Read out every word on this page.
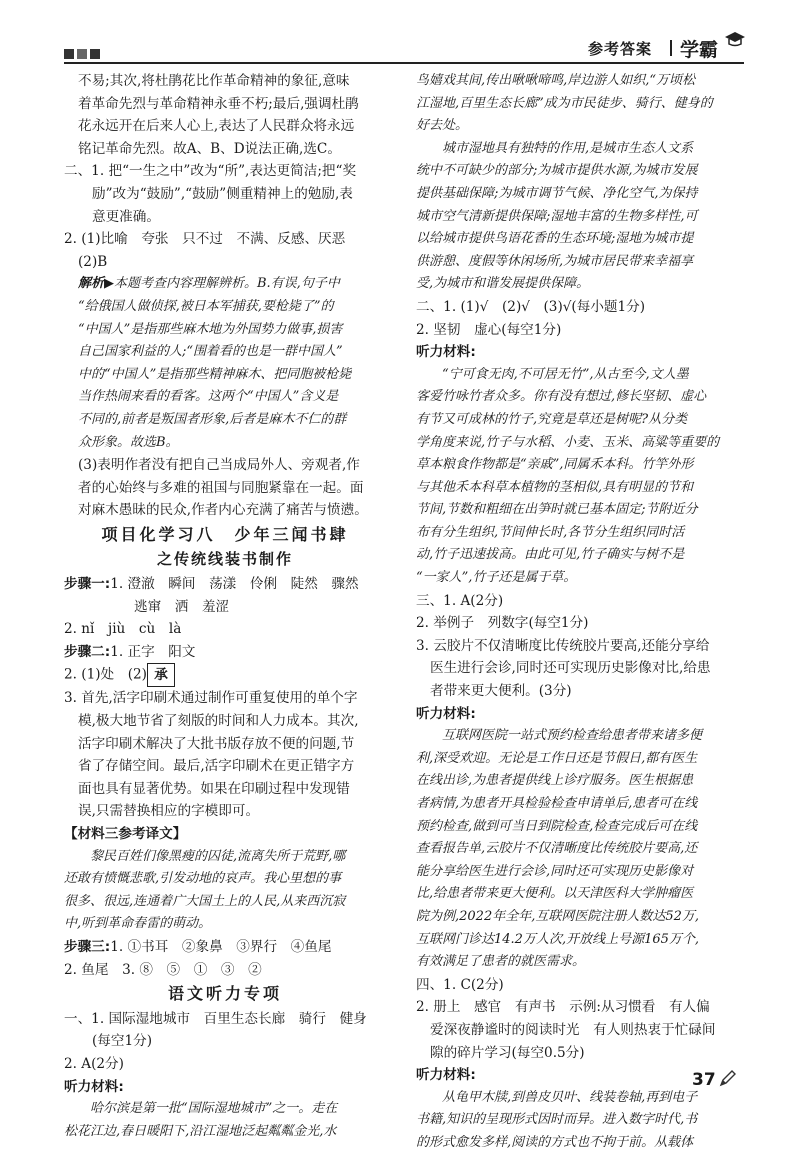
参考答案 学霸

不易;其次,将杜鹃花比作革命精神的象征,意味

着革命先烈与革命精神永垂不朽;最后,强调杜鹃

花永远开在后来人心上,表达了人民群众将永远

铭记革命先烈。故A、B、D说法正确,选C。

二、1. 把“一生之中”改为“所”,表达更简洁;把“奖

励”改为“鼓励”,“鼓励”侧重精神上的勉励,表

意更准确。

2. (1)比喻　夸张　只不过　不满、反感、厌恶

(2)B

解析▶本题考查内容理解辨析。B.有误,句子中

“给俄国人做侦探,被日本军捕获,要枪毙了”的

“中国人”是指那些麻木地为外国势力做事,损害

自己国家利益的人;“围着看的也是一群中国人”

中的“中国人”是指那些精神麻木、把同胞被枪毙

当作热闹来看的看客。这两个“中国人”含义是

不同的,前者是叛国者形象,后者是麻木不仁的群

众形象。故选B。

(3)表明作者没有把自己当成局外人、旁观者,作

者的心始终与多难的祖国与同胞紧靠在一起。面

对麻木愚昧的民众,作者内心充满了痛苦与愤懑。

项目化学习八　少年三闻书肆
之传统线装书制作

步骤一:1. 澄澈　瞬间　荡漾　伶俐　陡然　骤然

逃窜　洒　羞涩

2. nǐ　jiù　cù　là

步骤二:1. 正字　阳文

2. (1)处　(2) 承

3. 首先,活字印刷术通过制作可重复使用的单个字

模,极大地节省了刻版的时间和人力成本。其次,

活字印刷术解决了大批书版存放不便的问题,节

省了存储空间。最后,活字印刷术在更正错字方

面也具有显著优势。如果在印刷过程中发现错

误,只需替换相应的字模即可。

【材料三参考译文】

黎民百姓们像黑瘦的囚徒,流离失所于荒野,哪

还敢有愤慨悲歌,引发动地的哀声。我心里想的事

很多、很远,连通着广大国土上的人民,从来西沉寂

中,听到革命春雷的萌动。

步骤三:1. ①书耳　②象鼻　③界行　④鱼尾

2. 鱼尾　3. ⑧　⑤　①　③　②

语文听力专项

一、1. 国际湿地城市　百里生态长廊　骑行　健身

(每空1分)

2. A(2分)

听力材料:

哈尔滨是第一批“国际湿地城市”之一。走在

松花江边,春日暖阳下,沿江湿地泛起粼粼金光,水

鸟嬉戏其间,传出啾啾啼鸣,岸边游人如织,“万顷松

江湿地,百里生态长廊”成为市民徒步、骑行、健身的

好去处。

城市湿地具有独特的作用,是城市生态人文系

统中不可缺少的部分;为城市提供水源,为城市发展

提供基础保障;为城市调节气候、净化空气,为保持

城市空气清新提供保障;湿地丰富的生物多样性,可

以给城市提供鸟语花香的生态环境;湿地为城市提

供游憩、度假等休闲场所,为城市居民带来幸福享

受,为城市和谐发展提供保障。

二、1. (1)√　(2)√　(3)√(每小题1分)

2. 坚韧　虚心(每空1分)

听力材料:

“宁可食无肉,不可居无竹”,从古至今,文人墨

客爱竹咏竹者众多。你有没有想过,修长坚韧、虚心

有节又可成林的竹子,究竟是草还是树呢?从分类

学角度来说,竹子与水稻、小麦、玉米、高粱等重要的

草本粮食作物都是“亲戚”,同属禾本科。竹竿外形

与其他禾本科草本植物的茎相似,具有明显的节和

节间,节数和粗细在出笋时就已基本固定;节附近分

布有分生组织,节间伸长时,各节分生组织同时活

动,竹子迅速拔高。由此可见,竹子确实与树不是

“一家人”,竹子还是属于草。

三、1. A(2分)

2. 举例子　列数字(每空1分)

3. 云胶片不仅清晰度比传统胶片要高,还能分享给

医生进行会诊,同时还可实现历史影像对比,给患

者带来更大便利。(3分)

听力材料:

互联网医院一站式预约检查给患者带来诸多便

利,深受欢迎。无论是工作日还是节假日,都有医生

在线出诊,为患者提供线上诊疗服务。医生根据患

者病情,为患者开具检验检查申请单后,患者可在线

预约检查,做到可当日到院检查,检查完成后可在线

查看报告单,云胶片不仅清晰度比传统胶片要高,还

能分享给医生进行会诊,同时还可实现历史影像对

比,给患者带来更大便利。以天津医科大学肿瘤医

院为例,2022年全年,互联网医院注册人数达52万,

互联网门诊达14.2万人次,开放线上号源165万个,

有效满足了患者的就医需求。

四、1. C(2分)

2. 册上　感官　有声书　示例:从习惯看　有人偏

爱深夜静谧时的阅读时光　有人则热衷于忙碌间

隙的碎片学习(每空0.5分)

听力材料:

从龟甲木牍,到兽皮贝叶、线装卷轴,再到电子

书籍,知识的呈现形式因时而异。进入数字时代,书

的形式愈发多样,阅读的方式也不拘于前。从载体

37
